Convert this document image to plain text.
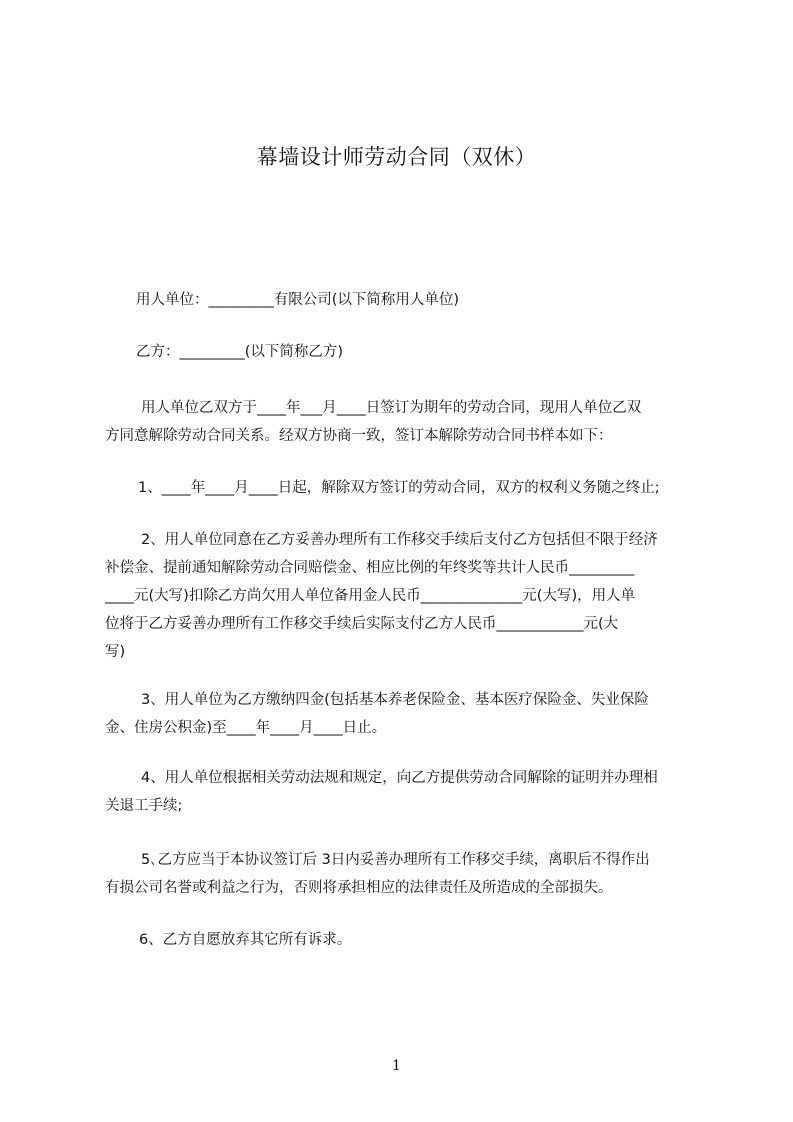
幕墙设计师劳动合同（双休）
用人单位：_________有限公司(以下简称用人单位)
乙方：_________(以下简称乙方)
用人单位乙双方于____年___月____日签订为期年的劳动合同，现用人单位乙双
方同意解除劳动合同关系。经双方协商一致，签订本解除劳动合同书样本如下：
1、____年____月____日起，解除双方签订的劳动合同，双方的权利义务随之终止;
2、用人单位同意在乙方妥善办理所有工作移交手续后支付乙方包括但不限于经济
补偿金、提前通知解除劳动合同赔偿金、相应比例的年终奖等共计人民币_________
____元(大写)扣除乙方尚欠用人单位备用金人民币______________元(大写)，用人单
位将于乙方妥善办理所有工作移交手续后实际支付乙方人民币____________元(大
写)
3、用人单位为乙方缴纳四金(包括基本养老保险金、基本医疗保险金、失业保险
金、住房公积金)至____年____月____日止。
4、用人单位根据相关劳动法规和规定，向乙方提供劳动合同解除的证明并办理相
关退工手续;
5､乙方应当于本协议签订后 3日内妥善办理所有工作移交手续，离职后不得作出
有损公司名誉或利益之行为，否则将承担相应的法律责任及所造成的全部损失。
6、乙方自愿放弃其它所有诉求。
1
